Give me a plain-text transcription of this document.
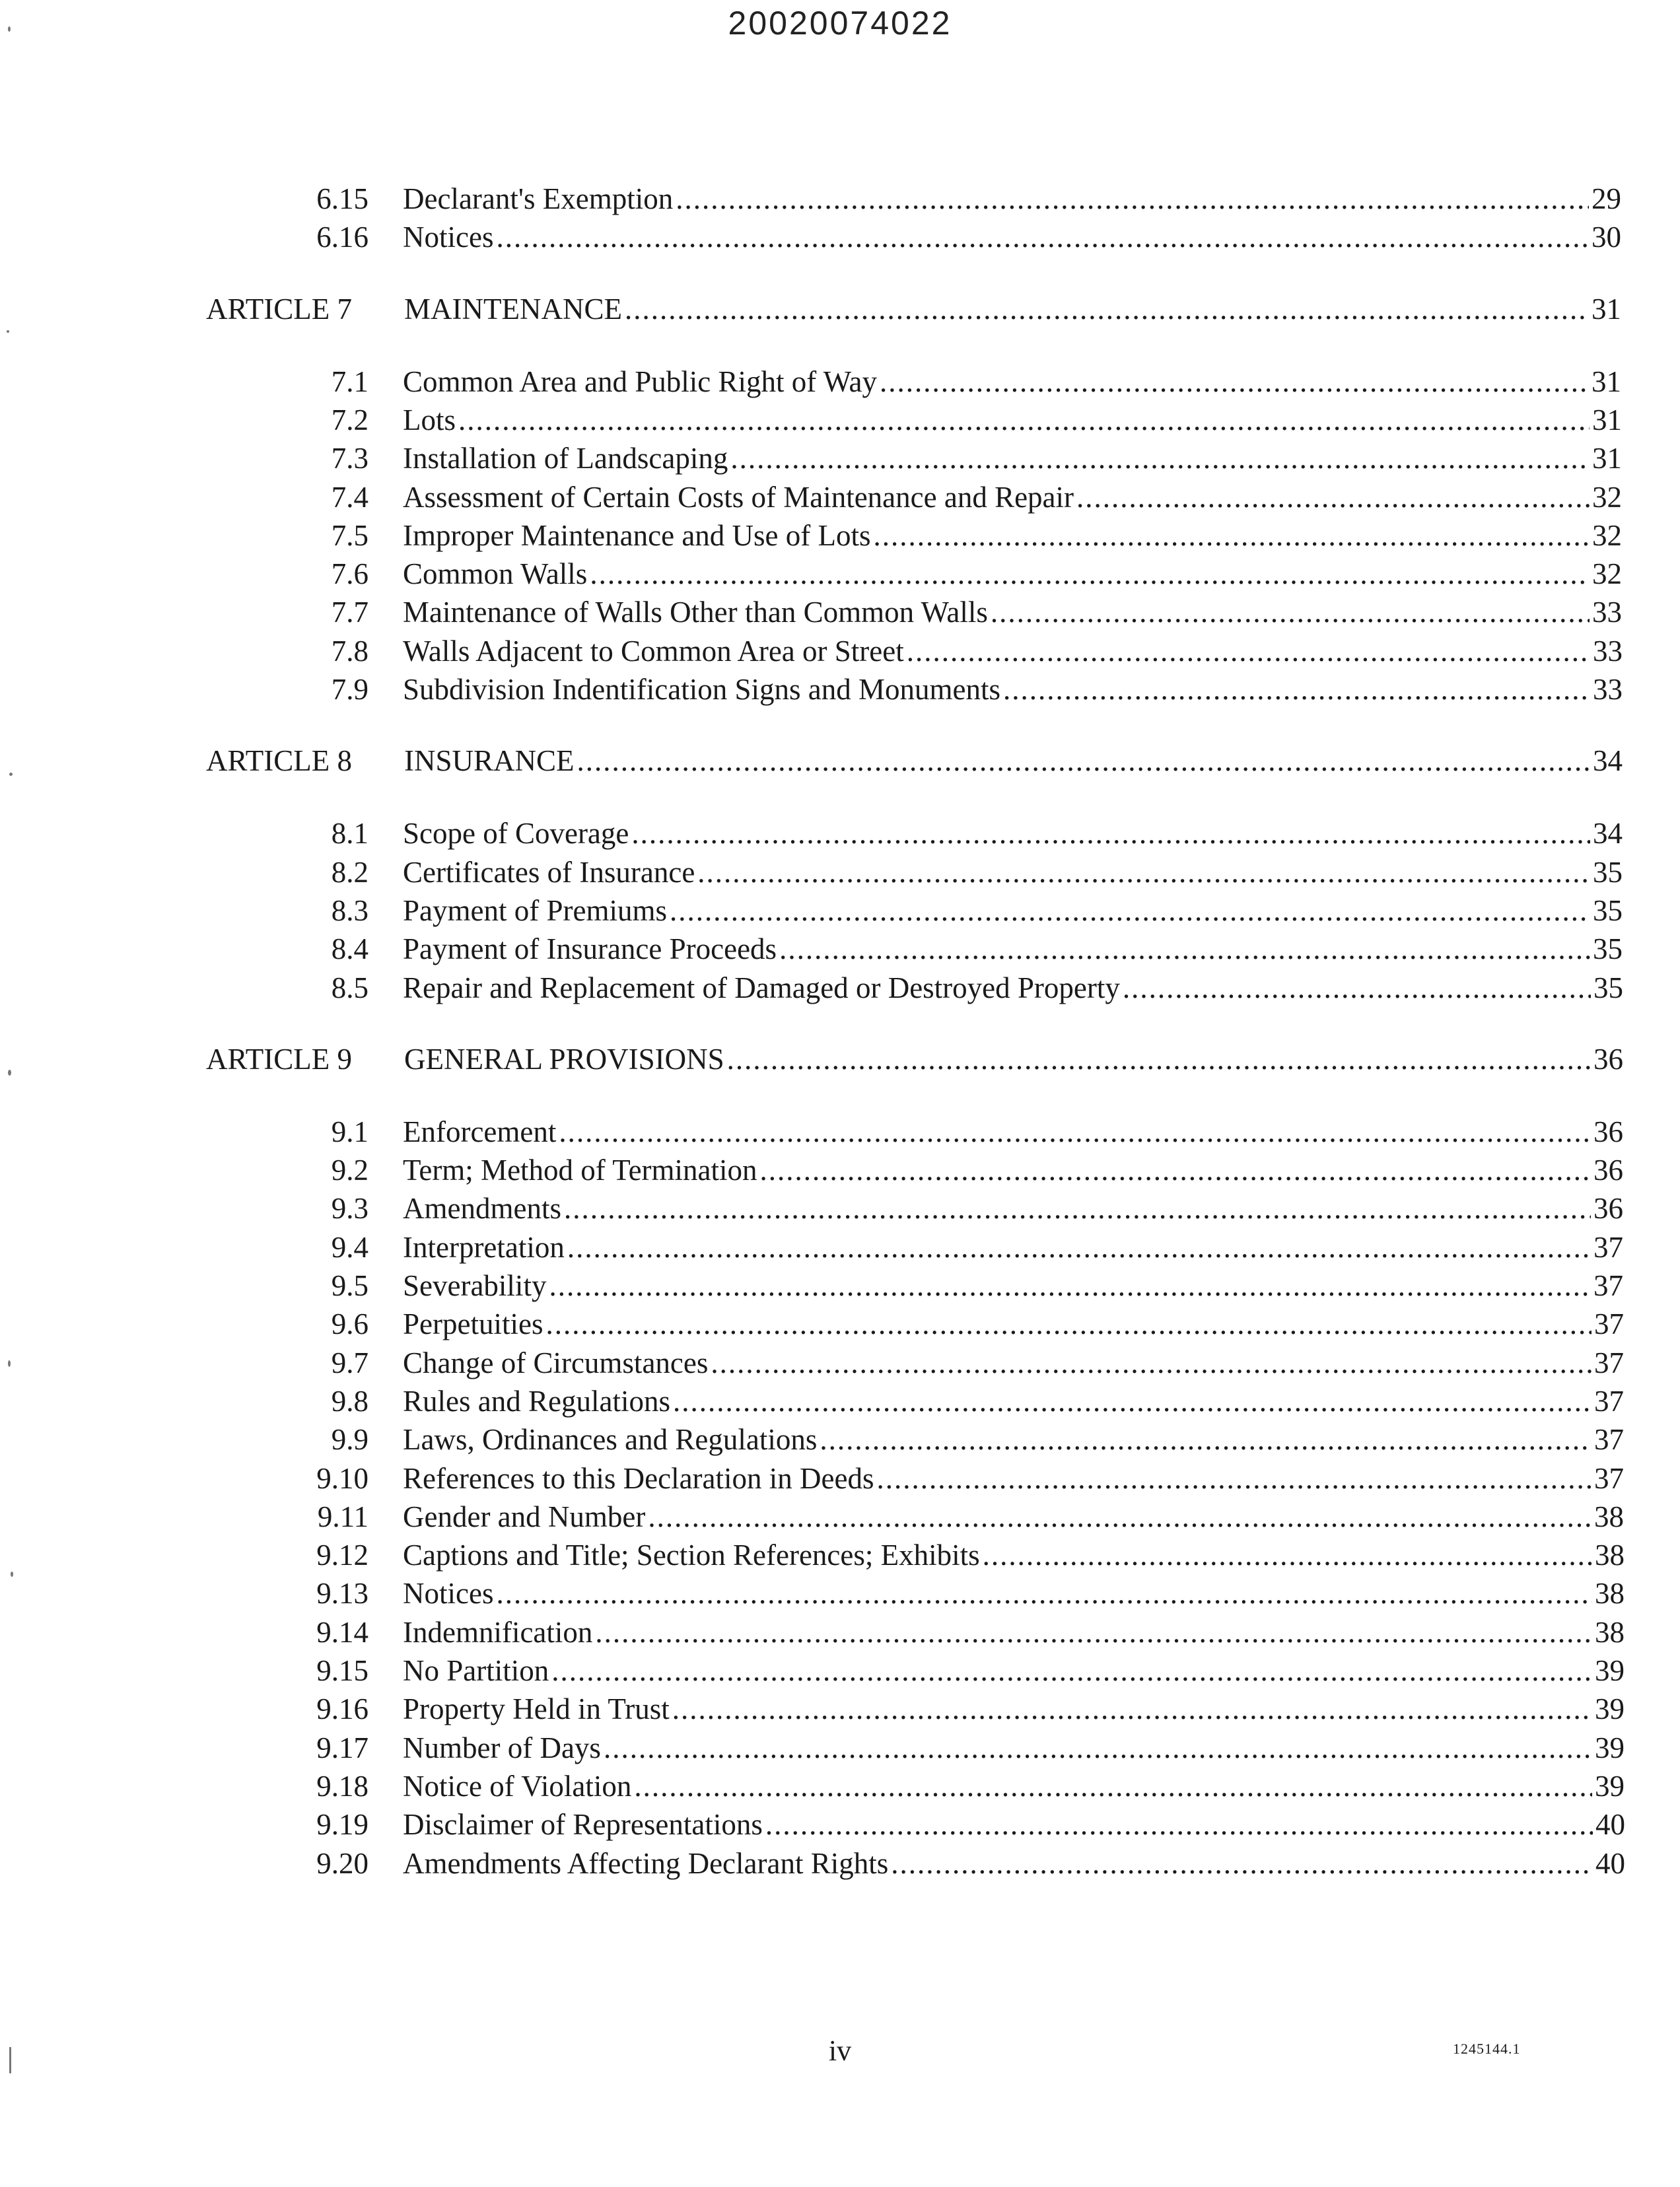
20020074022
6.15 Declarant's Exemption .....	29
6.16 Notices .....	30
ARTICLE 7	MAINTENANCE .....	31
7.1 Common Area and Public Right of Way .....	31
7.2 Lots .....	31
7.3 Installation of Landscaping .....	31
7.4 Assessment of Certain Costs of Maintenance and Repair .....	32
7.5 Improper Maintenance and Use of Lots .....	32
7.6 Common Walls .....	32
7.7 Maintenance of Walls Other than Common Walls .....	33
7.8 Walls Adjacent to Common Area or Street .....	33
7.9 Subdivision Indentification Signs and Monuments .....	33
ARTICLE 8	INSURANCE .....	34
8.1 Scope of Coverage .....	34
8.2 Certificates of Insurance .....	35
8.3 Payment of Premiums .....	35
8.4 Payment of Insurance Proceeds .....	35
8.5 Repair and Replacement of Damaged or Destroyed Property .....	35
ARTICLE 9	GENERAL PROVISIONS .....	36
9.1 Enforcement .....	36
9.2 Term; Method of Termination .....	36
9.3 Amendments .....	36
9.4 Interpretation .....	37
9.5 Severability .....	37
9.6 Perpetuities .....	37
9.7 Change of Circumstances .....	37
9.8 Rules and Regulations .....	37
9.9 Laws, Ordinances and Regulations .....	37
9.10 References to this Declaration in Deeds .....	37
9.11 Gender and Number .....	38
9.12 Captions and Title; Section References; Exhibits .....	38
9.13 Notices .....	38
9.14 Indemnification .....	38
9.15 No Partition .....	39
9.16 Property Held in Trust .....	39
9.17 Number of Days .....	39
9.18 Notice of Violation .....	39
9.19 Disclaimer of Representations .....	40
9.20 Amendments Affecting Declarant Rights .....	40
iv	1245144.1
